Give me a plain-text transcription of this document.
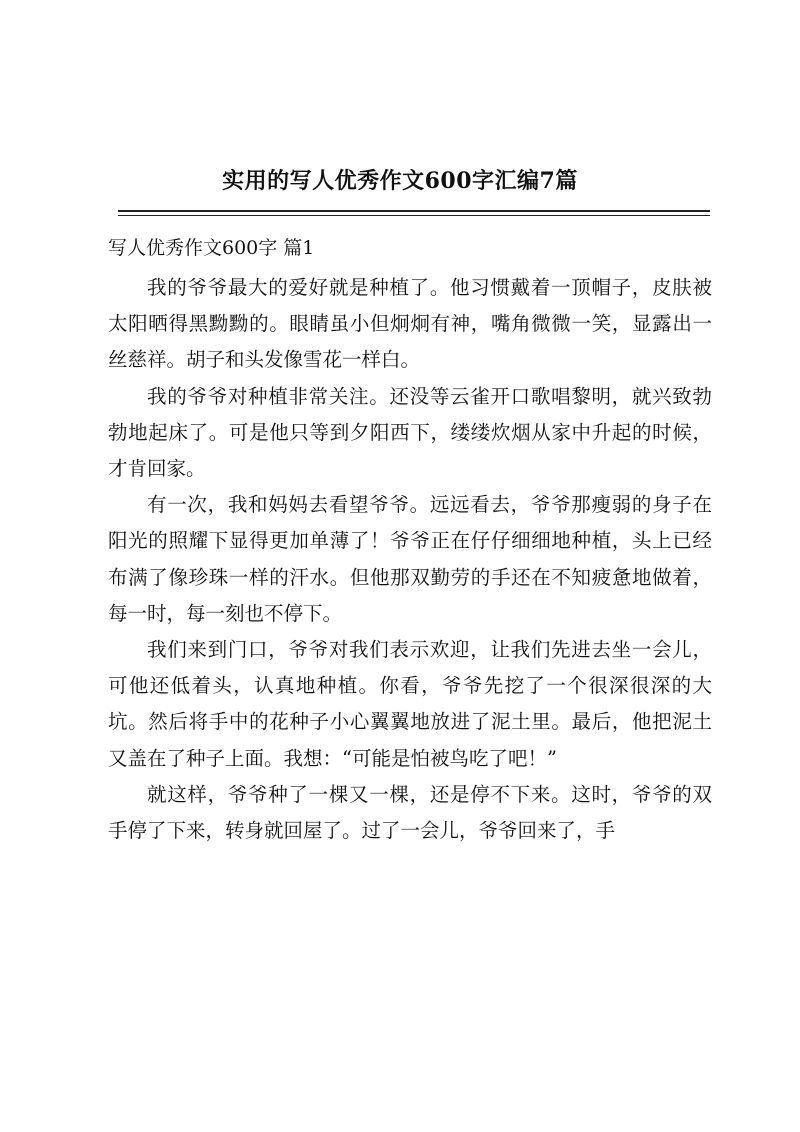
实用的写人优秀作文600字汇编7篇
写人优秀作文600字 篇1

我的爷爷最大的爱好就是种植了。他习惯戴着一顶帽子，皮肤被太阳晒得黑黝黝的。眼睛虽小但炯炯有神，嘴角微微一笑，显露出一丝慈祥。胡子和头发像雪花一样白。

我的爷爷对种植非常关注。还没等云雀开口歌唱黎明，就兴致勃勃地起床了。可是他只等到夕阳西下，缕缕炊烟从家中升起的时候，才肯回家。

有一次，我和妈妈去看望爷爷。远远看去，爷爷那瘦弱的身子在阳光的照耀下显得更加单薄了！爷爷正在仔仔细细地种植，头上已经布满了像珍珠一样的汗水。但他那双勤劳的手还在不知疲惫地做着，每一时，每一刻也不停下。

我们来到门口，爷爷对我们表示欢迎，让我们先进去坐一会儿，可他还低着头，认真地种植。你看，爷爷先挖了一个很深很深的大坑。然后将手中的花种子小心翼翼地放进了泥土里。最后，他把泥土又盖在了种子上面。我想：“可能是怕被鸟吃了吧！”

就这样，爷爷种了一棵又一棵，还是停不下来。这时，爷爷的双手停了下来，转身就回屋了。过了一会儿，爷爷回来了，手
